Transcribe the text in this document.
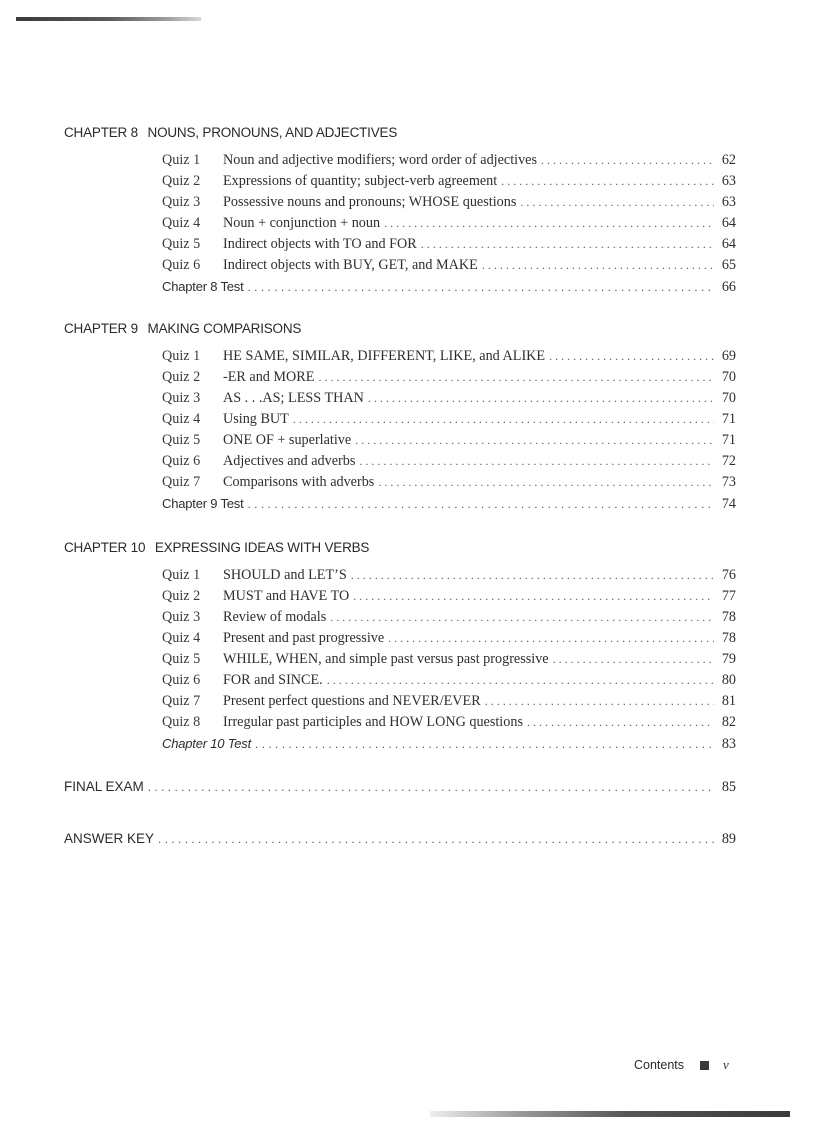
CHAPTER 8 NOUNS, PRONOUNS, AND ADJECTIVES
Quiz 1	Noun and adjective modifiers; word order of adjectives . . .	62
Quiz 2	Expressions of quantity; subject-verb agreement . . .	63
Quiz 3	Possessive nouns and pronouns; WHOSE questions . . .	63
Quiz 4	Noun + conjunction + noun . . .	64
Quiz 5	Indirect objects with TO and FOR . . .	64
Quiz 6	Indirect objects with BUY, GET, and MAKE . . .	65
Chapter 8 Test . . .	66
CHAPTER 9 MAKING COMPARISONS
Quiz 1	HE SAME, SIMILAR, DIFFERENT, LIKE, and ALIKE . . .	69
Quiz 2	-ER and MORE . . .	70
Quiz 3	AS . . .AS; LESS THAN . . .	70
Quiz 4	Using BUT . . .	71
Quiz 5	ONE OF + superlative . . .	71
Quiz 6	Adjectives and adverbs . . .	72
Quiz 7	Comparisons with adverbs . . .	73
Chapter 9 Test . . .	74
CHAPTER 10 EXPRESSING IDEAS WITH VERBS
Quiz 1	SHOULD and LET’S . . .	76
Quiz 2	MUST and HAVE TO . . .	77
Quiz 3	Review of modals . . .	78
Quiz 4	Present and past progressive . . .	78
Quiz 5	WHILE, WHEN, and simple past versus past progressive . . .	79
Quiz 6	FOR and SINCE. . . .	80
Quiz 7	Present perfect questions and NEVER/EVER . . .	81
Quiz 8	Irregular past participles and HOW LONG questions . . .	82
Chapter 10 Test . . .	83
FINAL EXAM . . .	85
ANSWER KEY . . .	89
Contents	v
